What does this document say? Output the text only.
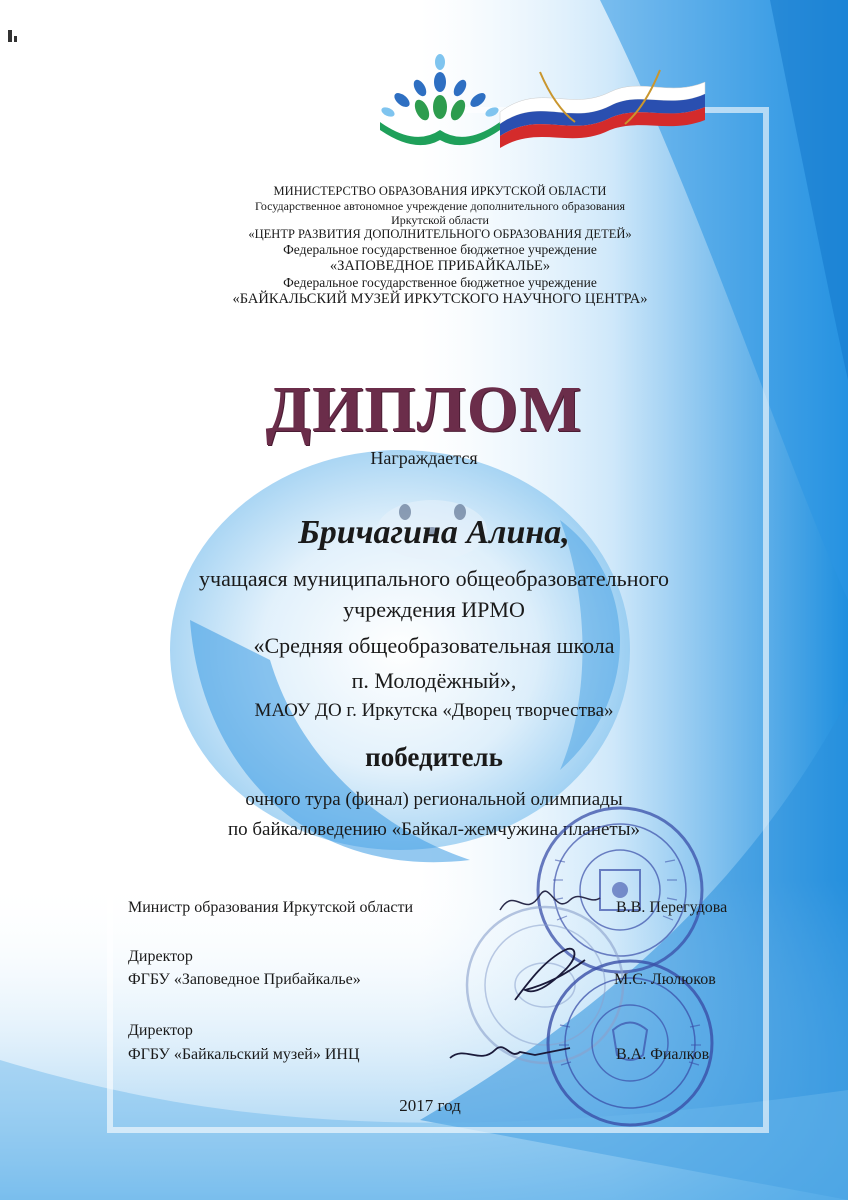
МИНИСТЕРСТВО ОБРАЗОВАНИЯ ИРКУТСКОЙ ОБЛАСТИ

Государственное автономное учреждение дополнительного образования

Иркутской области

«ЦЕНТР РАЗВИТИЯ ДОПОЛНИТЕЛЬНОГО ОБРАЗОВАНИЯ ДЕТЕЙ»

Федеральное государственное бюджетное учреждение

«ЗАПОВЕДНОЕ ПРИБАЙКАЛЬЕ»

Федеральное государственное бюджетное учреждение

«БАЙКАЛЬСКИЙ МУЗЕЙ ИРКУТСКОГО НАУЧНОГО ЦЕНТРА»

ДИПЛОМ
Награждается
Бричагина Алина,
учащаяся муниципального общеобразовательного
учреждения ИРМО
«Средняя общеобразовательная школа
п. Молодёжный»,
МАОУ ДО г. Иркутска «Дворец творчества»
победитель
очного тура (финал) региональной олимпиады
по байкаловедению «Байкал-жемчужина планеты»
Министр образования Иркутской области	В.В. Перегудова
Директор
ФГБУ «Заповедное Прибайкалье»	М.С. Люлюков
Директор
ФГБУ «Байкальский музей» ИНЦ	В.А. Фиалков
2017 год
